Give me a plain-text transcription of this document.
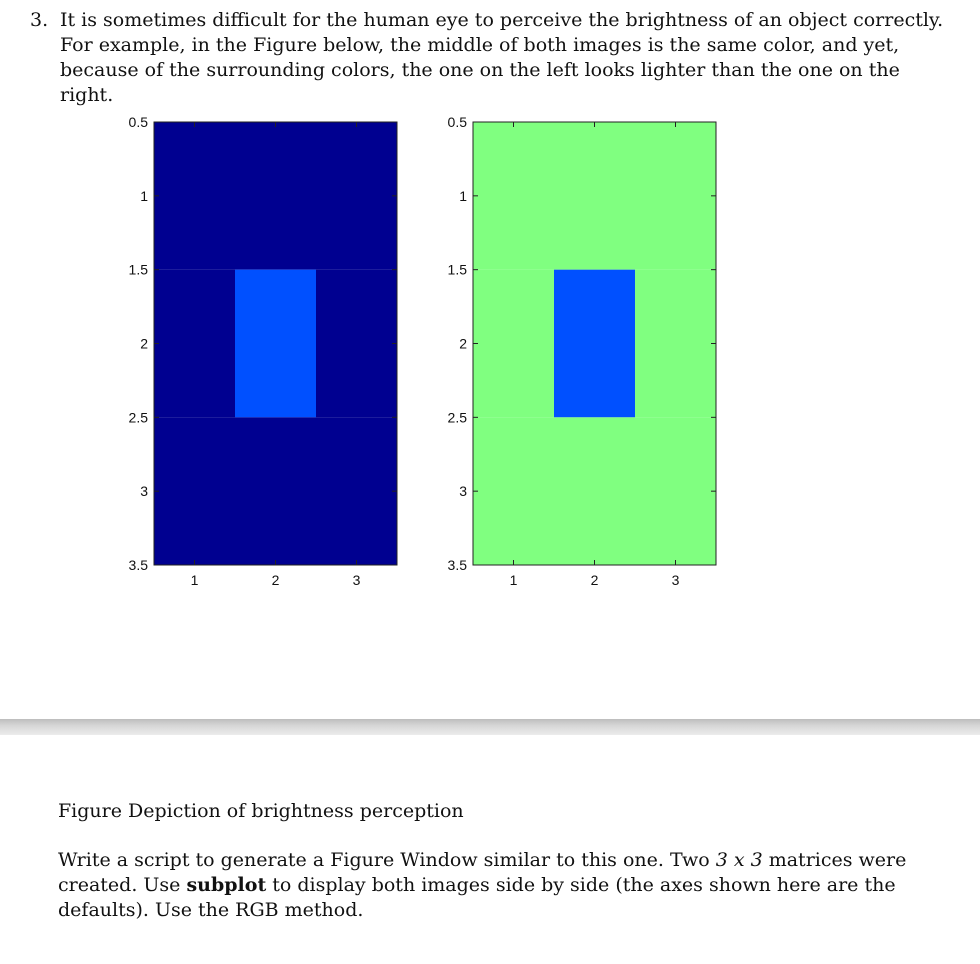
3. It is sometimes difficult for the human eye to perceive the brightness of an object correctly. For example, in the Figure below, the middle of both images is the same color, and yet, because of the surrounding colors, the one on the left looks lighter than the one on the right.
0.5
1
1.5
2
2.5
3
3.5
1	2	3
0.5
1
1.5
2
2.5
3
3.5
1	2	3
Figure Depiction of brightness perception
Write a script to generate a Figure Window similar to this one. Two 3 x 3 matrices were created. Use subplot to display both images side by side (the axes shown here are the defaults). Use the RGB method.
